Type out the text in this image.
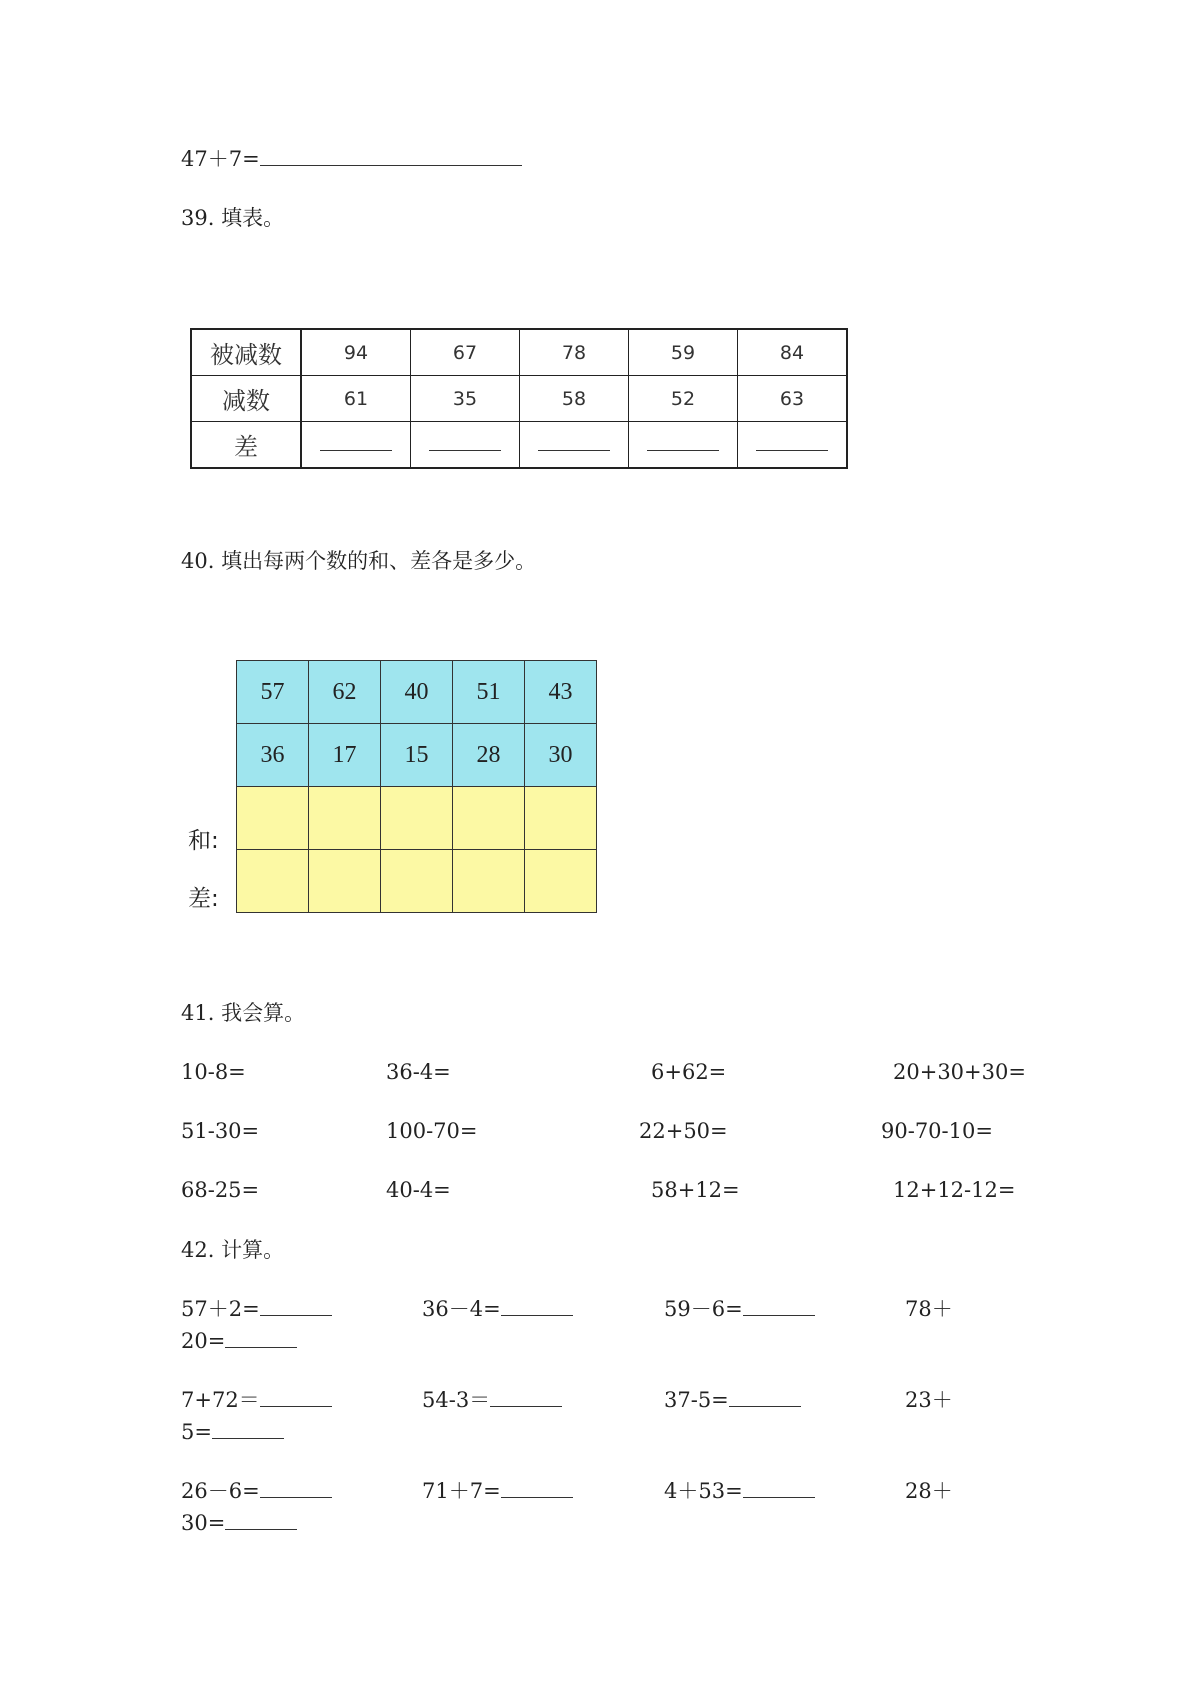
47＋7=
39. 填表。
被减数	94	67	78	59	84
减数	61	35	58	52	63
差					
40. 填出每两个数的和、差各是多少。
57	62	40	51	43
36	17	15	28	30

和:
差:
41. 我会算。
10-8=	36-4=	6+62=	20+30+30=
51-30=	100-70=	22+50=	90-70-10=
68-25=	40-4=	58+12=	12+12-12=
42. 计算。
57＋2=	36－4=	59－6=	78＋
20=
7+72＝	54-3＝	37-5=	23＋
5=
26－6=	71＋7=	4＋53=	28＋
30=
